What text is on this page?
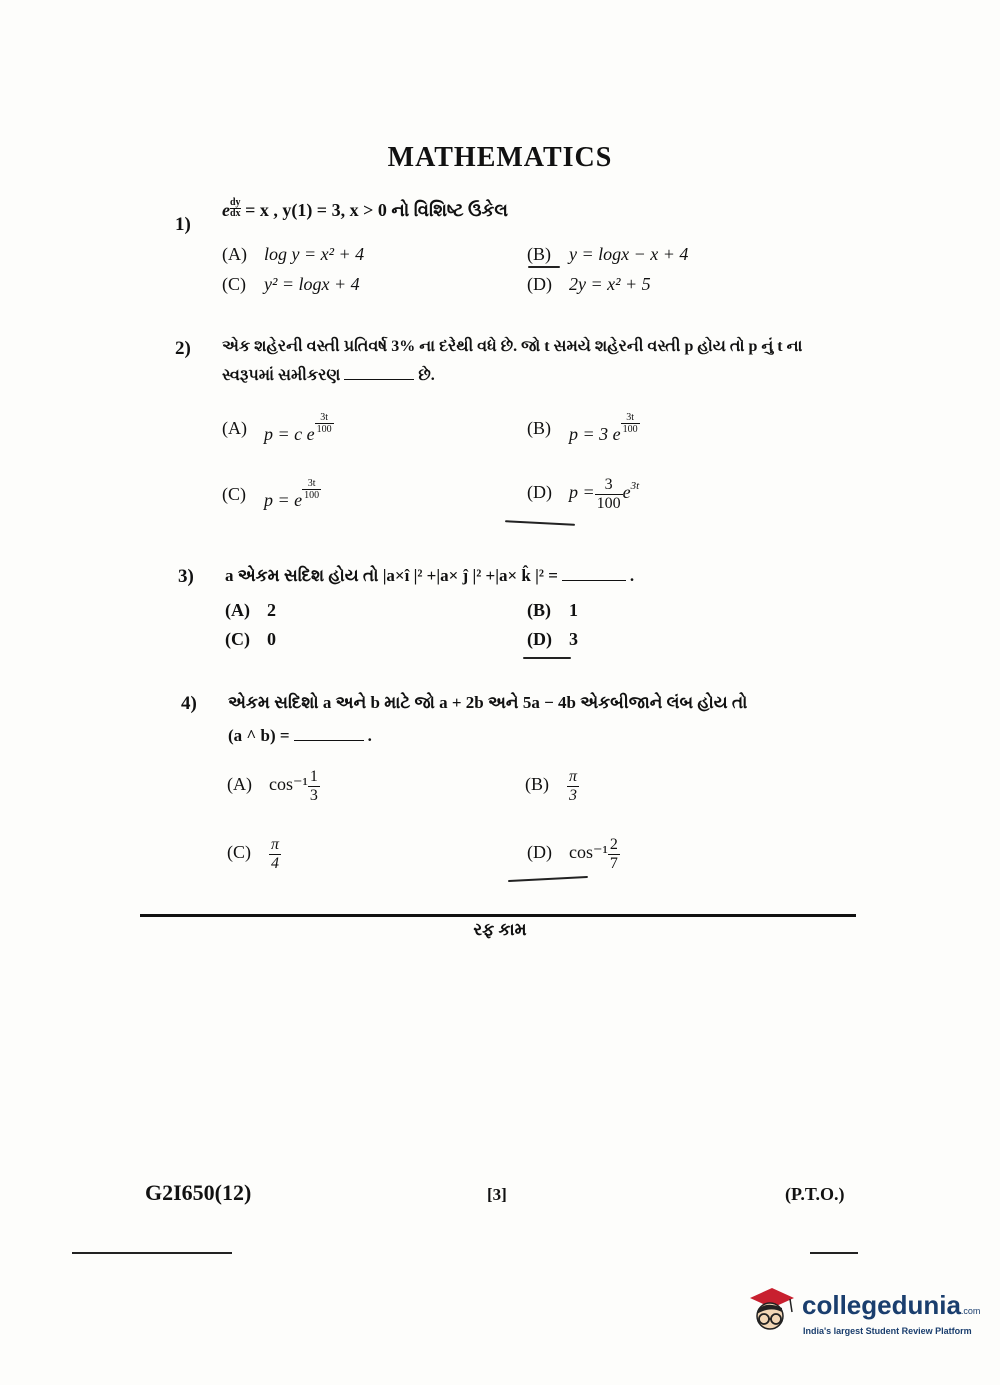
MATHEMATICS
1)
e $\frac{dy}{dx} = x$ , y(1) = 3, x > 0 નો વિશિષ્ટ ઉકેલ
(A) log y = x² + 4	(B) y = logx − x + 4
(C) y² = logx + 4	(D) 2y = x² + 5
2) એક શહેરની વસ્તી પ્રતિવર્ષ 3% ના દરેથી વધે છે. જો t સમયે શહેરની વસ્તી p હોય તો p નું t ના
સ્વરૂપમાં સમીકરણ	છે.
(A) p = c e $\frac{3t}{100}$	(B) p = 3 e $\frac{3t}{100}$
(C) p = e $\frac{3t}{100}$	(D) $p = \frac{3}{100} e^{3t}$
3) a એકમ સદિશ હોય તો |a×î |² +|a× ĵ |² +|a× k̂ |² =	.
(A) 2	(B) 1
(C) 0	(D) 3
4) એકમ સદિશો a અને b માટે જો a + 2b અને 5a − 4b એકબીજાને લંબ હોય તો
(a ^ b) =	.
(A) $\cos^{-1} \frac{1}{3}$	$(B) \frac{\pi}{3}$
$(C) \frac{\pi}{4}$	(D) $\cos^{-1} \frac{2}{7}$
રફ કામ
G2I650(12)	[3]	(P.T.O.)
collegedunia.com
India's largest Student Review Platform
